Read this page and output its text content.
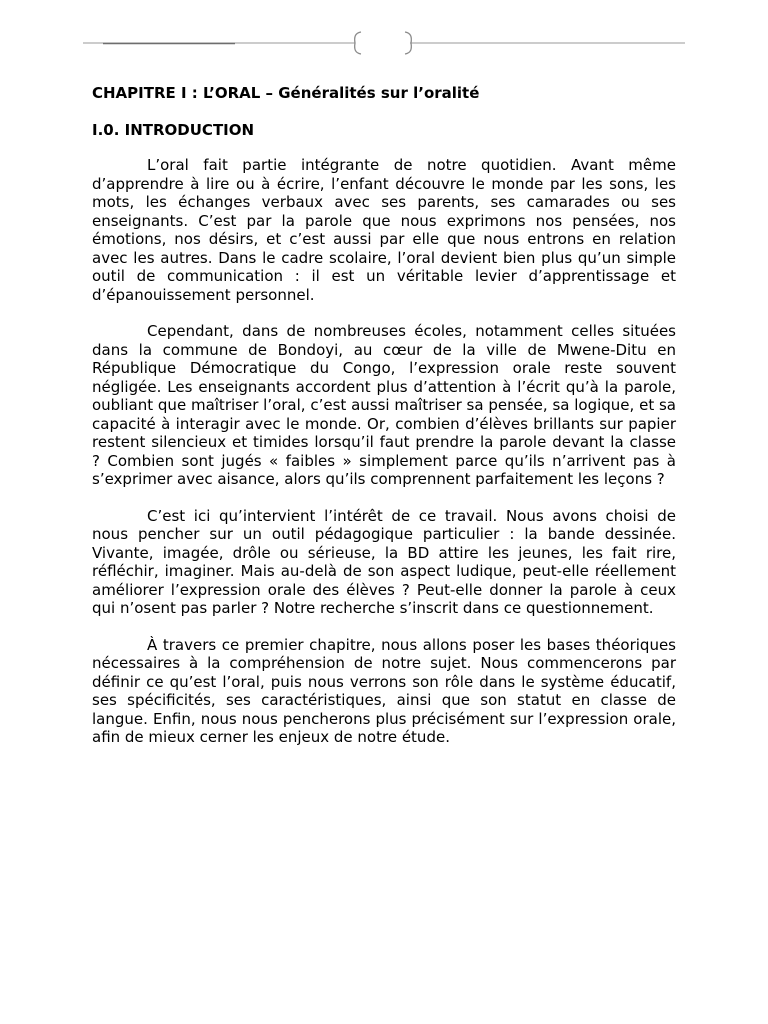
CHAPITRE I : L’ORAL – Généralités sur l’oralité
I.0. INTRODUCTION

L’oral fait partie intégrante de notre quotidien. Avant même d’apprendre à lire ou à écrire, l’enfant découvre le monde par les sons, les mots, les échanges verbaux avec ses parents, ses camarades ou ses enseignants. C’est par la parole que nous exprimons nos pensées, nos émotions, nos désirs, et c’est aussi par elle que nous entrons en relation avec les autres. Dans le cadre scolaire, l’oral devient bien plus qu’un simple outil de communication : il est un véritable levier d’apprentissage et d’épanouissement personnel.

Cependant, dans de nombreuses écoles, notamment celles situées dans la commune de Bondoyi, au cœur de la ville de Mwene-Ditu en République Démocratique du Congo, l’expression orale reste souvent négligée. Les enseignants accordent plus d’attention à l’écrit qu’à la parole, oubliant que maîtriser l’oral, c’est aussi maîtriser sa pensée, sa logique, et sa capacité à interagir avec le monde. Or, combien d’élèves brillants sur papier restent silencieux et timides lorsqu’il faut prendre la parole devant la classe ? Combien sont jugés « faibles » simplement parce qu’ils n’arrivent pas à s’exprimer avec aisance, alors qu’ils comprennent parfaitement les leçons ?

C’est ici qu’intervient l’intérêt de ce travail. Nous avons choisi de nous pencher sur un outil pédagogique particulier : la bande dessinée. Vivante, imagée, drôle ou sérieuse, la BD attire les jeunes, les fait rire, réfléchir, imaginer. Mais au-delà de son aspect ludique, peut-elle réellement améliorer l’expression orale des élèves ? Peut-elle donner la parole à ceux qui n’osent pas parler ? Notre recherche s’inscrit dans ce questionnement.

À travers ce premier chapitre, nous allons poser les bases théoriques nécessaires à la compréhension de notre sujet. Nous commencerons par définir ce qu’est l’oral, puis nous verrons son rôle dans le système éducatif, ses spécificités, ses caractéristiques, ainsi que son statut en classe de langue. Enfin, nous nous pencherons plus précisément sur l’expression orale, afin de mieux cerner les enjeux de notre étude.
